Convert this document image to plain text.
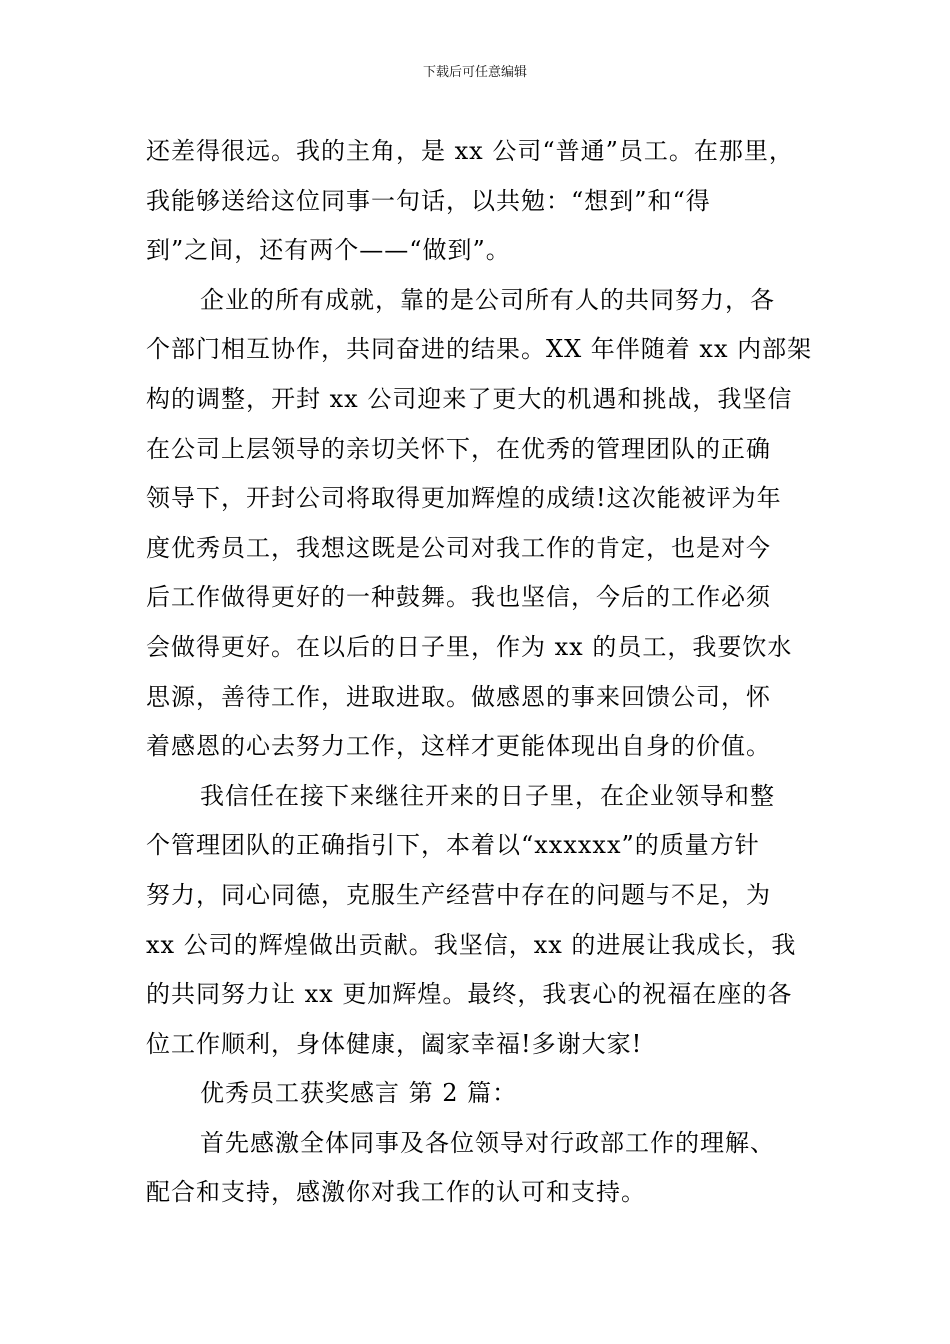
下载后可任意编辑
还差得很远。我的主角，是 xx 公司“普通”员工。在那里，
我能够送给这位同事一句话，以共勉：“想到”和“得
到”之间，还有两个——“做到”。
企业的所有成就，靠的是公司所有人的共同努力，各
个部门相互协作，共同奋进的结果。XX 年伴随着 xx 内部架
构的调整，开封 xx 公司迎来了更大的机遇和挑战，我坚信
在公司上层领导的亲切关怀下，在优秀的管理团队的正确
领导下，开封公司将取得更加辉煌的成绩!这次能被评为年
度优秀员工，我想这既是公司对我工作的肯定，也是对今
后工作做得更好的一种鼓舞。我也坚信，今后的工作必须
会做得更好。在以后的日子里，作为 xx 的员工，我要饮水
思源，善待工作，进取进取。做感恩的事来回馈公司，怀
着感恩的心去努力工作，这样才更能体现出自身的价值。
我信任在接下来继往开来的日子里，在企业领导和整
个管理团队的正确指引下，本着以“xxxxxx”的质量方针
努力，同心同德，克服生产经营中存在的问题与不足，为
xx 公司的辉煌做出贡献。我坚信，xx 的进展让我成长，我
的共同努力让 xx 更加辉煌。最终，我衷心的祝福在座的各
位工作顺利，身体健康，阖家幸福!多谢大家!
优秀员工获奖感言 第 2 篇：
首先感激全体同事及各位领导对行政部工作的理解、
配合和支持，感激你对我工作的认可和支持。
